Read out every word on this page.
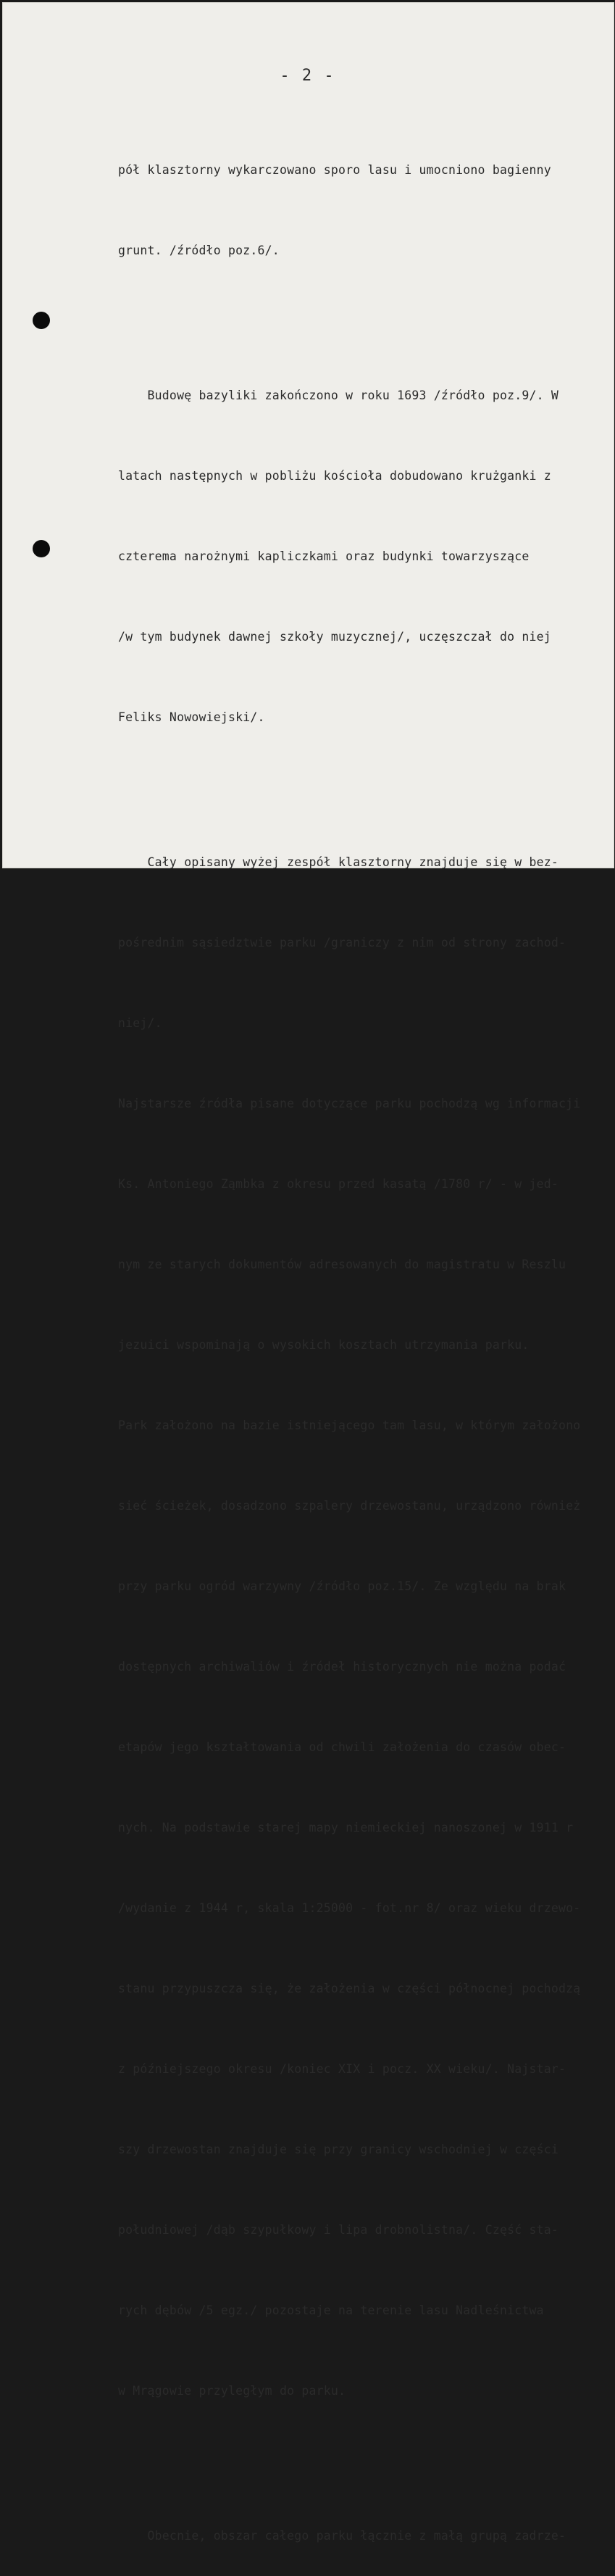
- 2 -

pół klasztorny wykarczowano sporo lasu i umocniono bagienny

grunt. /źródło poz.6/.

Budowę bazyliki zakończono w roku 1693 /źródło poz.9/. W

latach następnych w pobliżu kościoła dobudowano krużganki z

czterema narożnymi kapliczkami oraz budynki towarzyszące

/w tym budynek dawnej szkoły muzycznej/, uczęszczał do niej

Feliks Nowowiejski/.

Cały opisany wyżej zespół klasztorny znajduje się w bez-

pośrednim sąsiedztwie parku /graniczy z nim od strony zachod-

niej/.

Najstarsze źródła pisane dotyczące parku pochodzą wg informacji

Ks. Antoniego Ząmbka z okresu przed kasatą /1780 r/ - w jed-

nym ze starych dokumentów adresowanych do magistratu w Reszlu

jezuici wspominają o wysokich kosztach utrzymania parku.

Park założono na bazie istniejącego tam lasu, w którym założono

sieć ścieżek, dosadzono szpalery drzewostanu, urządzono również

przy parku ogród warzywny /źródło poz.15/. Ze względu na brak

dostępnych archiwaliów i źródeł historycznych nie można podać

etapów jego kształtowania od chwili założenia do czasów obec-

nych. Na podstawie starej mapy niemieckiej nanoszonej w 1911 r

/wydanie z 1944 r, skala 1:25000 - fot.nr 8/ oraz wieku drzewo-

stanu przypuszcza się, że założenia w części północnej pochodzą

z późniejszego okresu /koniec XIX i pocz. XX wieku/. Najstar-

szy drzewostan znajduje się przy granicy wschodniej w części

południowej /dąb szypułkowy i lipa drobnolistna/. Część sta-

rych dębów /5 egz./ pozostaje na terenie lasu Nadleśnictwa

w Mrągowie przyległym do parku.

Obecnie, obszar całego parku łącznie z małą grupą zadrze-
